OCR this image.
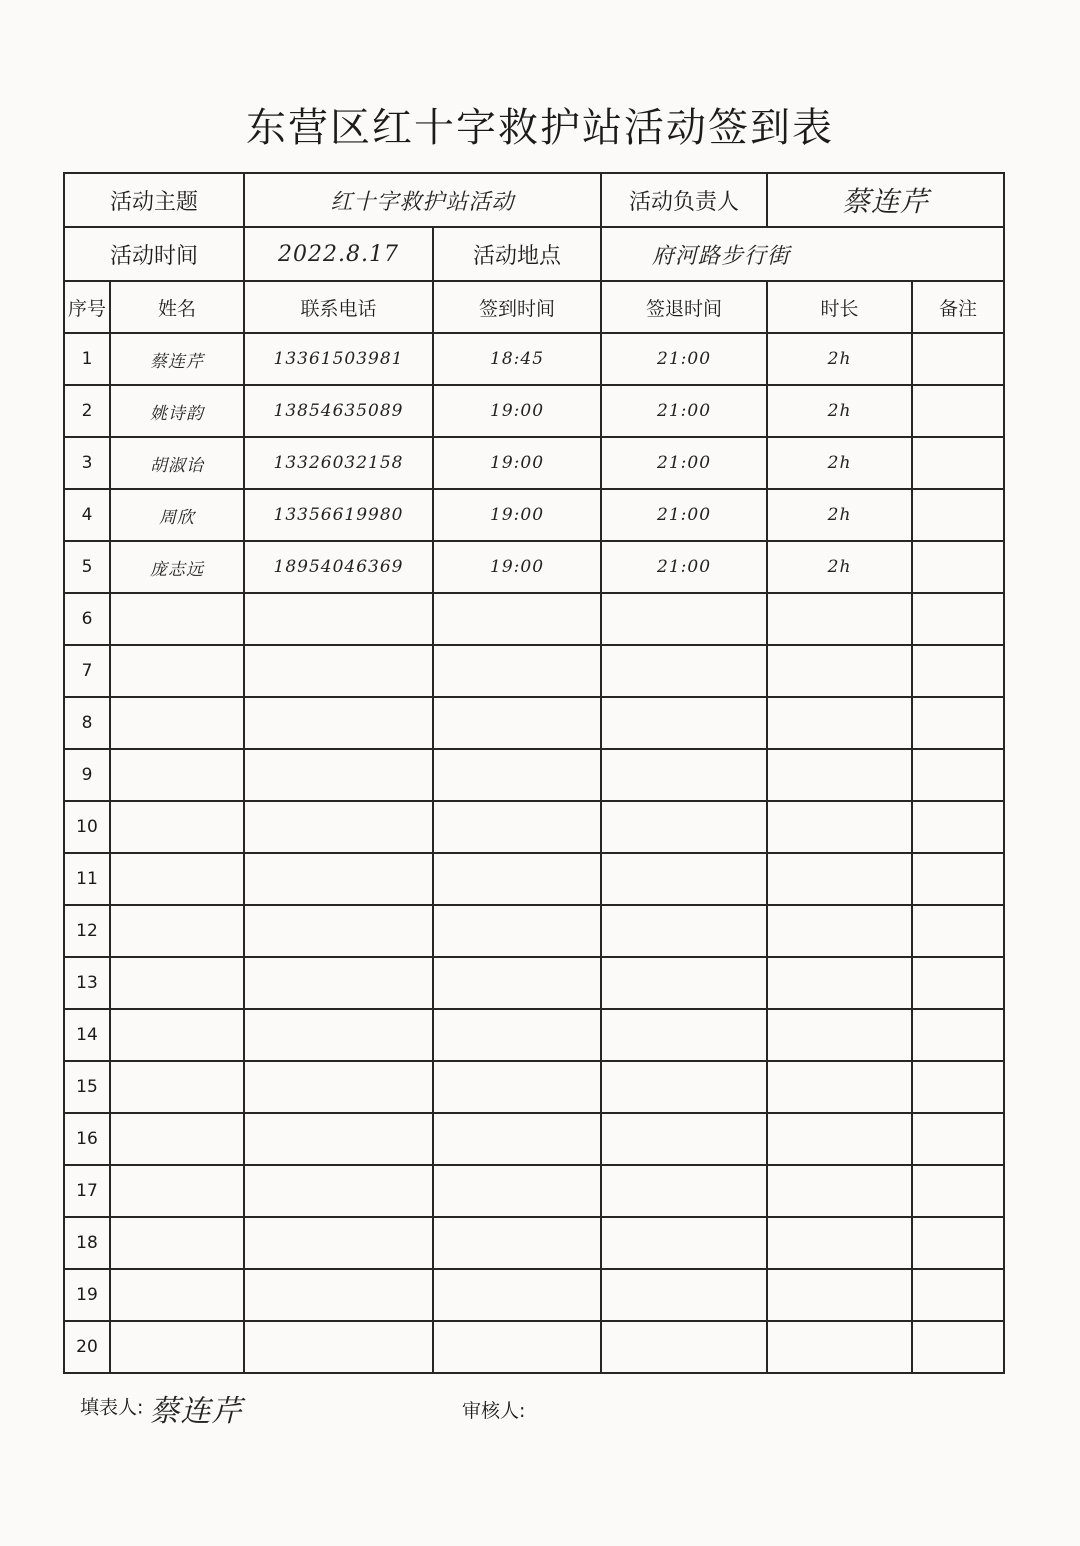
东营区红十字救护站活动签到表
活动主题		红十字救护站活动		活动负责人	蔡连芹	
活动时间		2022.8.17	活动地点	府河路步行街		
序号	姓名	联系电话	签到时间	签退时间	时长	备注
1	蔡连芹	13361503981	18:45	21:00	2h	
2	姚诗韵	13854635089	19:00	21:00	2h	
3	胡淑诒	13326032158	19:00	21:00	2h	
4	周欣	13356619980	19:00	21:00	2h	
5	庞志远	18954046369	19:00	21:00	2h	
6						
7						
8						
9						
10						
11						
12						
13						
14						
15						
16						
17						
18						
19						
20						
填表人: 蔡连芹	审核人:
